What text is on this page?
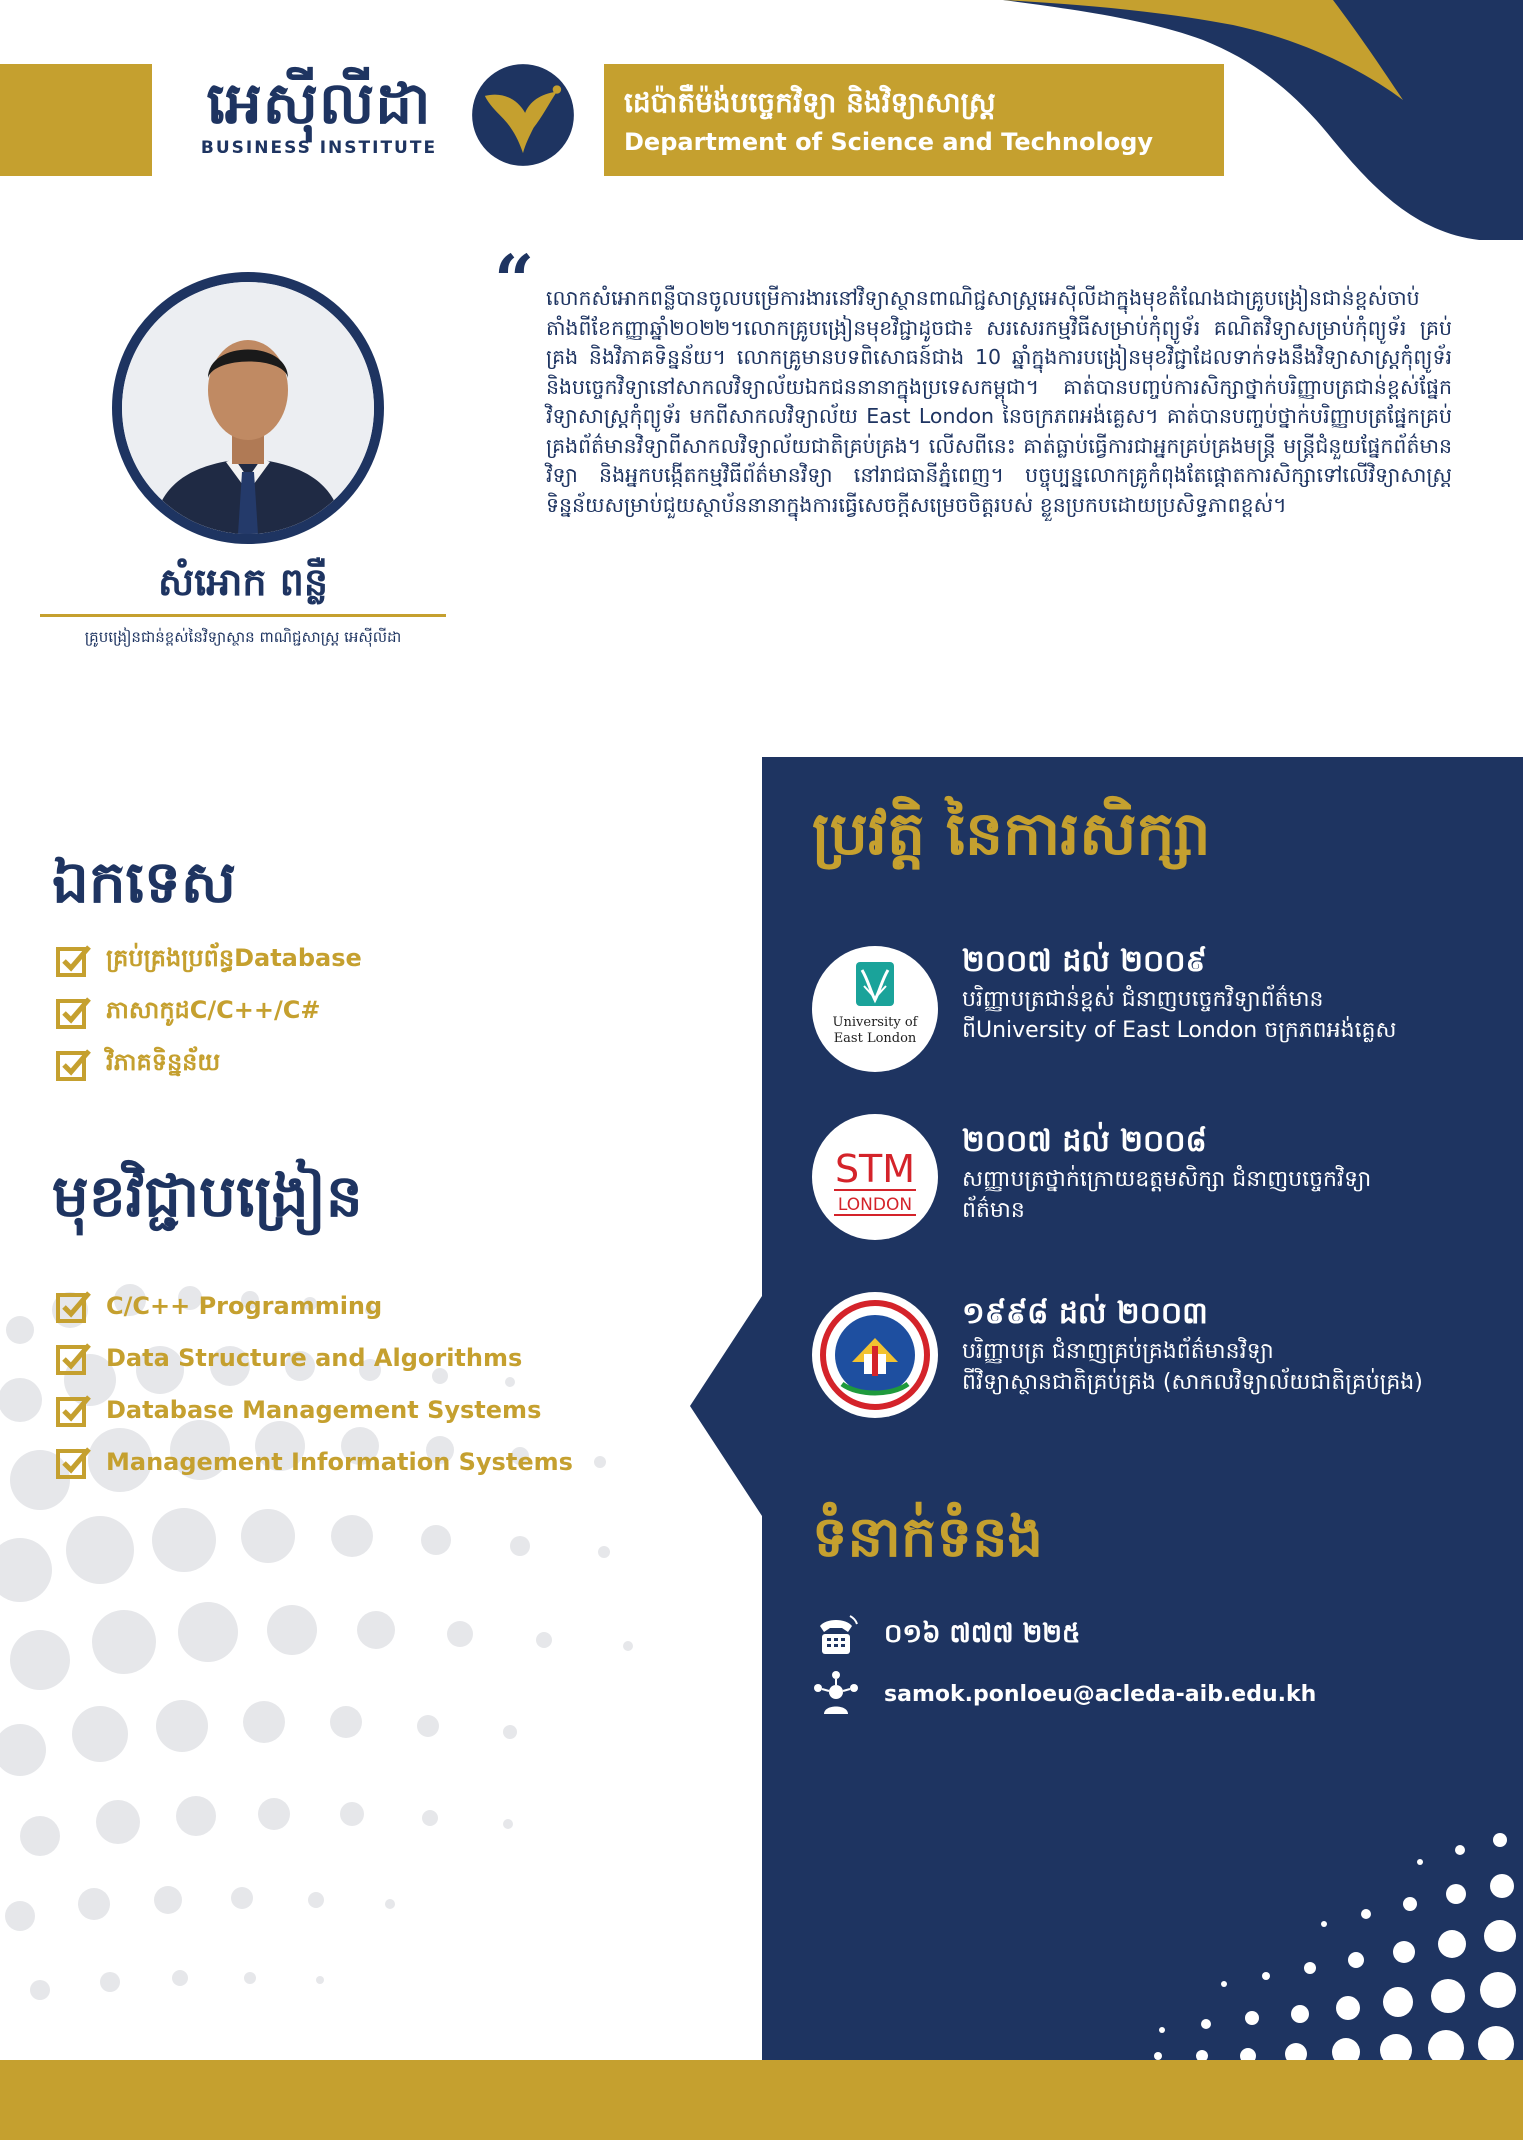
អេស៊ីលីដា
BUSINESS INSTITUTE
ដេប៉ាតឺម៉ង់បច្ចេកវិទ្យា និងវិទ្យាសាស្ត្រ
Department of Science and Technology
សំអោក ពន្លឺ
គ្រូបង្រៀនជាន់ខ្ពស់នៃវិទ្យាស្ថាន ពាណិជ្ជសាស្ត្រ អេស៊ីលីដា
“ លោកសំអោកពន្លឺបានចូលបម្រើការងារនៅវិទ្យាស្ថានពាណិជ្ជសាស្ត្រអេស៊ីលីដាក្នុងមុខតំណែងជាគ្រូបង្រៀនជាន់ខ្ពស់ចាប់តាំងពីខែកញ្ញាឆ្នាំ២០២២។លោកគ្រូបង្រៀនមុខវិជ្ជាដូចជា៖ សរសេរកម្មវិធីសម្រាប់កុំព្យូទ័រ គណិតវិទ្យាសម្រាប់កុំព្យូទ័រ គ្រប់គ្រង និងវិភាគទិន្នន័យ។ លោកគ្រូមានបទពិសោធន៍ជាង 10 ឆ្នាំក្នុងការបង្រៀនមុខវិជ្ជាដែលទាក់ទងនឹងវិទ្យាសាស្ត្រកុំព្យូទ័រ និងបច្ចេកវិទ្យានៅសាកលវិទ្យាល័យឯកជននានាក្នុងប្រទេសកម្ពុជា។ គាត់បានបញ្ចប់ការសិក្សាថ្នាក់បរិញ្ញាបត្រជាន់ខ្ពស់ផ្នែកវិទ្យាសាស្ត្រកុំព្យូទ័រ មកពីសាកលវិទ្យាល័យ East London នៃចក្រភពអង់គ្លេស។ គាត់បានបញ្ចប់ថ្នាក់បរិញ្ញាបត្រផ្នែកគ្រប់គ្រងព័ត៌មានវិទ្យាពីសាកលវិទ្យាល័យជាតិគ្រប់គ្រង។ លើសពីនេះ គាត់ធ្លាប់ធ្វើការជាអ្នកគ្រប់គ្រងមន្ត្រី មន្ត្រីជំនួយផ្នែកព័ត៌មានវិទ្យា និងអ្នកបង្កើតកម្មវិធីព័ត៌មានវិទ្យា នៅរាជធានីភ្នំពេញ។ បច្ចុប្បន្នលោកគ្រូកំពុងតែផ្តោតការសិក្សាទៅលើវិទ្យាសាស្ត្រទិន្នន័យសម្រាប់ជួយស្ថាប័ននានាក្នុងការធ្វើសេចក្តីសម្រេចចិត្តរបស់ ខ្លួនប្រកបដោយប្រសិទ្ធភាពខ្ពស់។
ឯកទេស
គ្រប់គ្រងប្រព័ន្ធDatabase
ភាសាកូដC/C++/C#
វិភាគទិន្នន័យ
មុខវិជ្ជាបង្រៀន
C/C++ Programming
Data Structure and Algorithms
Database Management Systems
Management Information Systems
ប្រវត្តិ នៃការសិក្សា
University of
East London
២០០៧ ដល់ ២០០៩
បរិញ្ញាបត្រជាន់ខ្ពស់ ជំនាញបច្ចេកវិទ្យាព័ត៌មាន
ពីUniversity of East London ចក្រភពអង់គ្លេស
STM
LONDON
២០០៧ ដល់ ២០០៨
សញ្ញាបត្រថ្នាក់ក្រោយឧត្តមសិក្សា ជំនាញបច្ចេកវិទ្យា
ព័ត៌មាន
១៩៩៨ ដល់ ២០០៣
បរិញ្ញាបត្រ ជំនាញគ្រប់គ្រងព័ត៌មានវិទ្យា
ពីវិទ្យាស្ថានជាតិគ្រប់គ្រង (សាកលវិទ្យាល័យជាតិគ្រប់គ្រង)
ទំនាក់ទំនង
០១៦ ៧៧៧ ២២៥
samok.ponloeu@acleda-aib.edu.kh
